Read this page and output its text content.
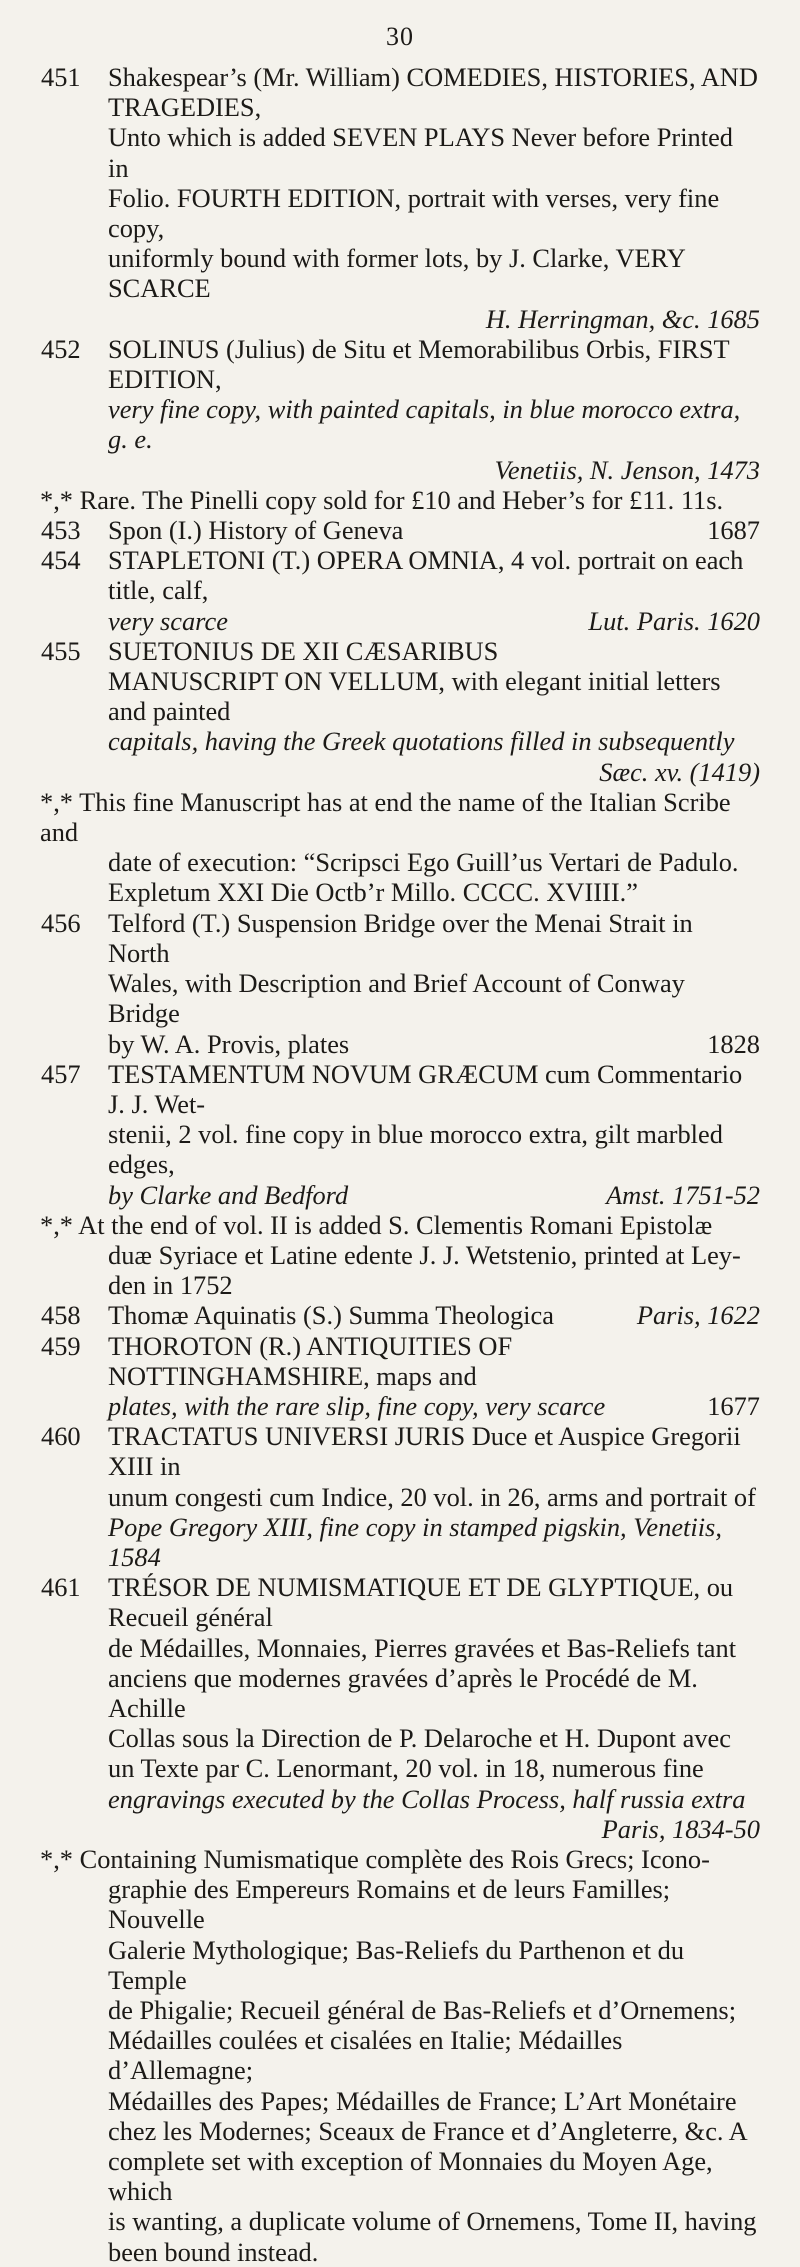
30
451	Shakespear’s (Mr. William) COMEDIES, HISTORIES, AND TRAGEDIES,
Unto which is added SEVEN PLAYS Never before Printed in
Folio. FOURTH EDITION, portrait with verses, very fine copy,
uniformly bound with former lots, by J. Clarke, VERY SCARCE
H. Herringman, &c. 1685
452	SOLINUS (Julius) de Situ et Memorabilibus Orbis, FIRST EDITION,
very fine copy, with painted capitals, in blue morocco extra, g. e.
Venetiis, N. Jenson, 1473
*,* Rare. The Pinelli copy sold for £10 and Heber’s for £11. 11s.
453	Spon (I.) History of Geneva	1687
454	STAPLETONI (T.) OPERA OMNIA, 4 vol. portrait on each title, calf,
very scarce	Lut. Paris. 1620
455	SUETONIUS DE XII CÆSARIBUS
MANUSCRIPT ON VELLUM, with elegant initial letters and painted
capitals, having the Greek quotations filled in subsequently
Sæc. xv. (1419)
*,* This fine Manuscript has at end the name of the Italian Scribe and
date of execution: “Scripsci Ego Guill’us Vertari de Padulo.
Expletum XXI Die Octb’r Millo. CCCC. XVIIII.”
456	Telford (T.) Suspension Bridge over the Menai Strait in North
Wales, with Description and Brief Account of Conway Bridge
by W. A. Provis, plates	1828
457	TESTAMENTUM NOVUM GRÆCUM cum Commentario J. J. Wet-
stenii, 2 vol. fine copy in blue morocco extra, gilt marbled edges,
by Clarke and Bedford	Amst. 1751-52
*,* At the end of vol. II is added S. Clementis Romani Epistolæ
duæ Syriace et Latine edente J. J. Wetstenio, printed at Ley-
den in 1752
458	Thomæ Aquinatis (S.) Summa Theologica	Paris, 1622
459	THOROTON (R.) ANTIQUITIES OF NOTTINGHAMSHIRE, maps and
plates, with the rare slip, fine copy, very scarce	1677
460	TRACTATUS UNIVERSI JURIS Duce et Auspice Gregorii XIII in
unum congesti cum Indice, 20 vol. in 26, arms and portrait of
Pope Gregory XIII, fine copy in stamped pigskin, Venetiis, 1584
461	TRÉSOR DE NUMISMATIQUE ET DE GLYPTIQUE, ou Recueil général
de Médailles, Monnaies, Pierres gravées et Bas-Reliefs tant
anciens que modernes gravées d’après le Procédé de M. Achille
Collas sous la Direction de P. Delaroche et H. Dupont avec
un Texte par C. Lenormant, 20 vol. in 18, numerous fine
engravings executed by the Collas Process, half russia extra
Paris, 1834-50
*,* Containing Numismatique complète des Rois Grecs; Icono-
graphie des Empereurs Romains et de leurs Familles; Nouvelle
Galerie Mythologique; Bas-Reliefs du Parthenon et du Temple
de Phigalie; Recueil général de Bas-Reliefs et d’Ornemens;
Médailles coulées et cisalées en Italie; Médailles d’Allemagne;
Médailles des Papes; Médailles de France; L’Art Monétaire
chez les Modernes; Sceaux de France et d’Angleterre, &c. A
complete set with exception of Monnaies du Moyen Age, which
is wanting, a duplicate volume of Ornemens, Tome II, having
been bound instead.
